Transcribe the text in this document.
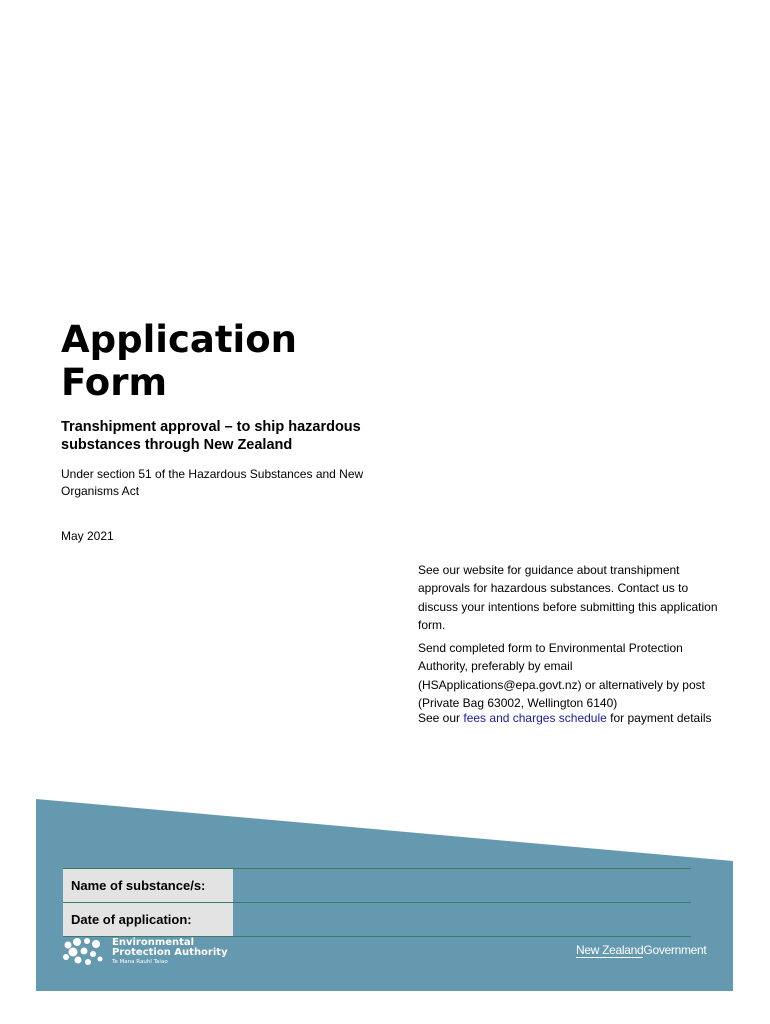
Application
Form

Transhipment approval – to ship hazardous substances through New Zealand

Under section 51 of the Hazardous Substances and New Organisms Act

May 2021

See our website for guidance about transhipment approvals for hazardous substances. Contact us to discuss your intentions before submitting this application form.

Send completed form to Environmental Protection Authority, preferably by email (HSApplications@epa.govt.nz) or alternatively by post (Private Bag 63002, Wellington 6140)

See our fees and charges schedule for payment details

Name of substance/s:
Date of application:
Environmental
Protection Authority
Te Mana Rauhī Taiao
New ZealandGovernment
